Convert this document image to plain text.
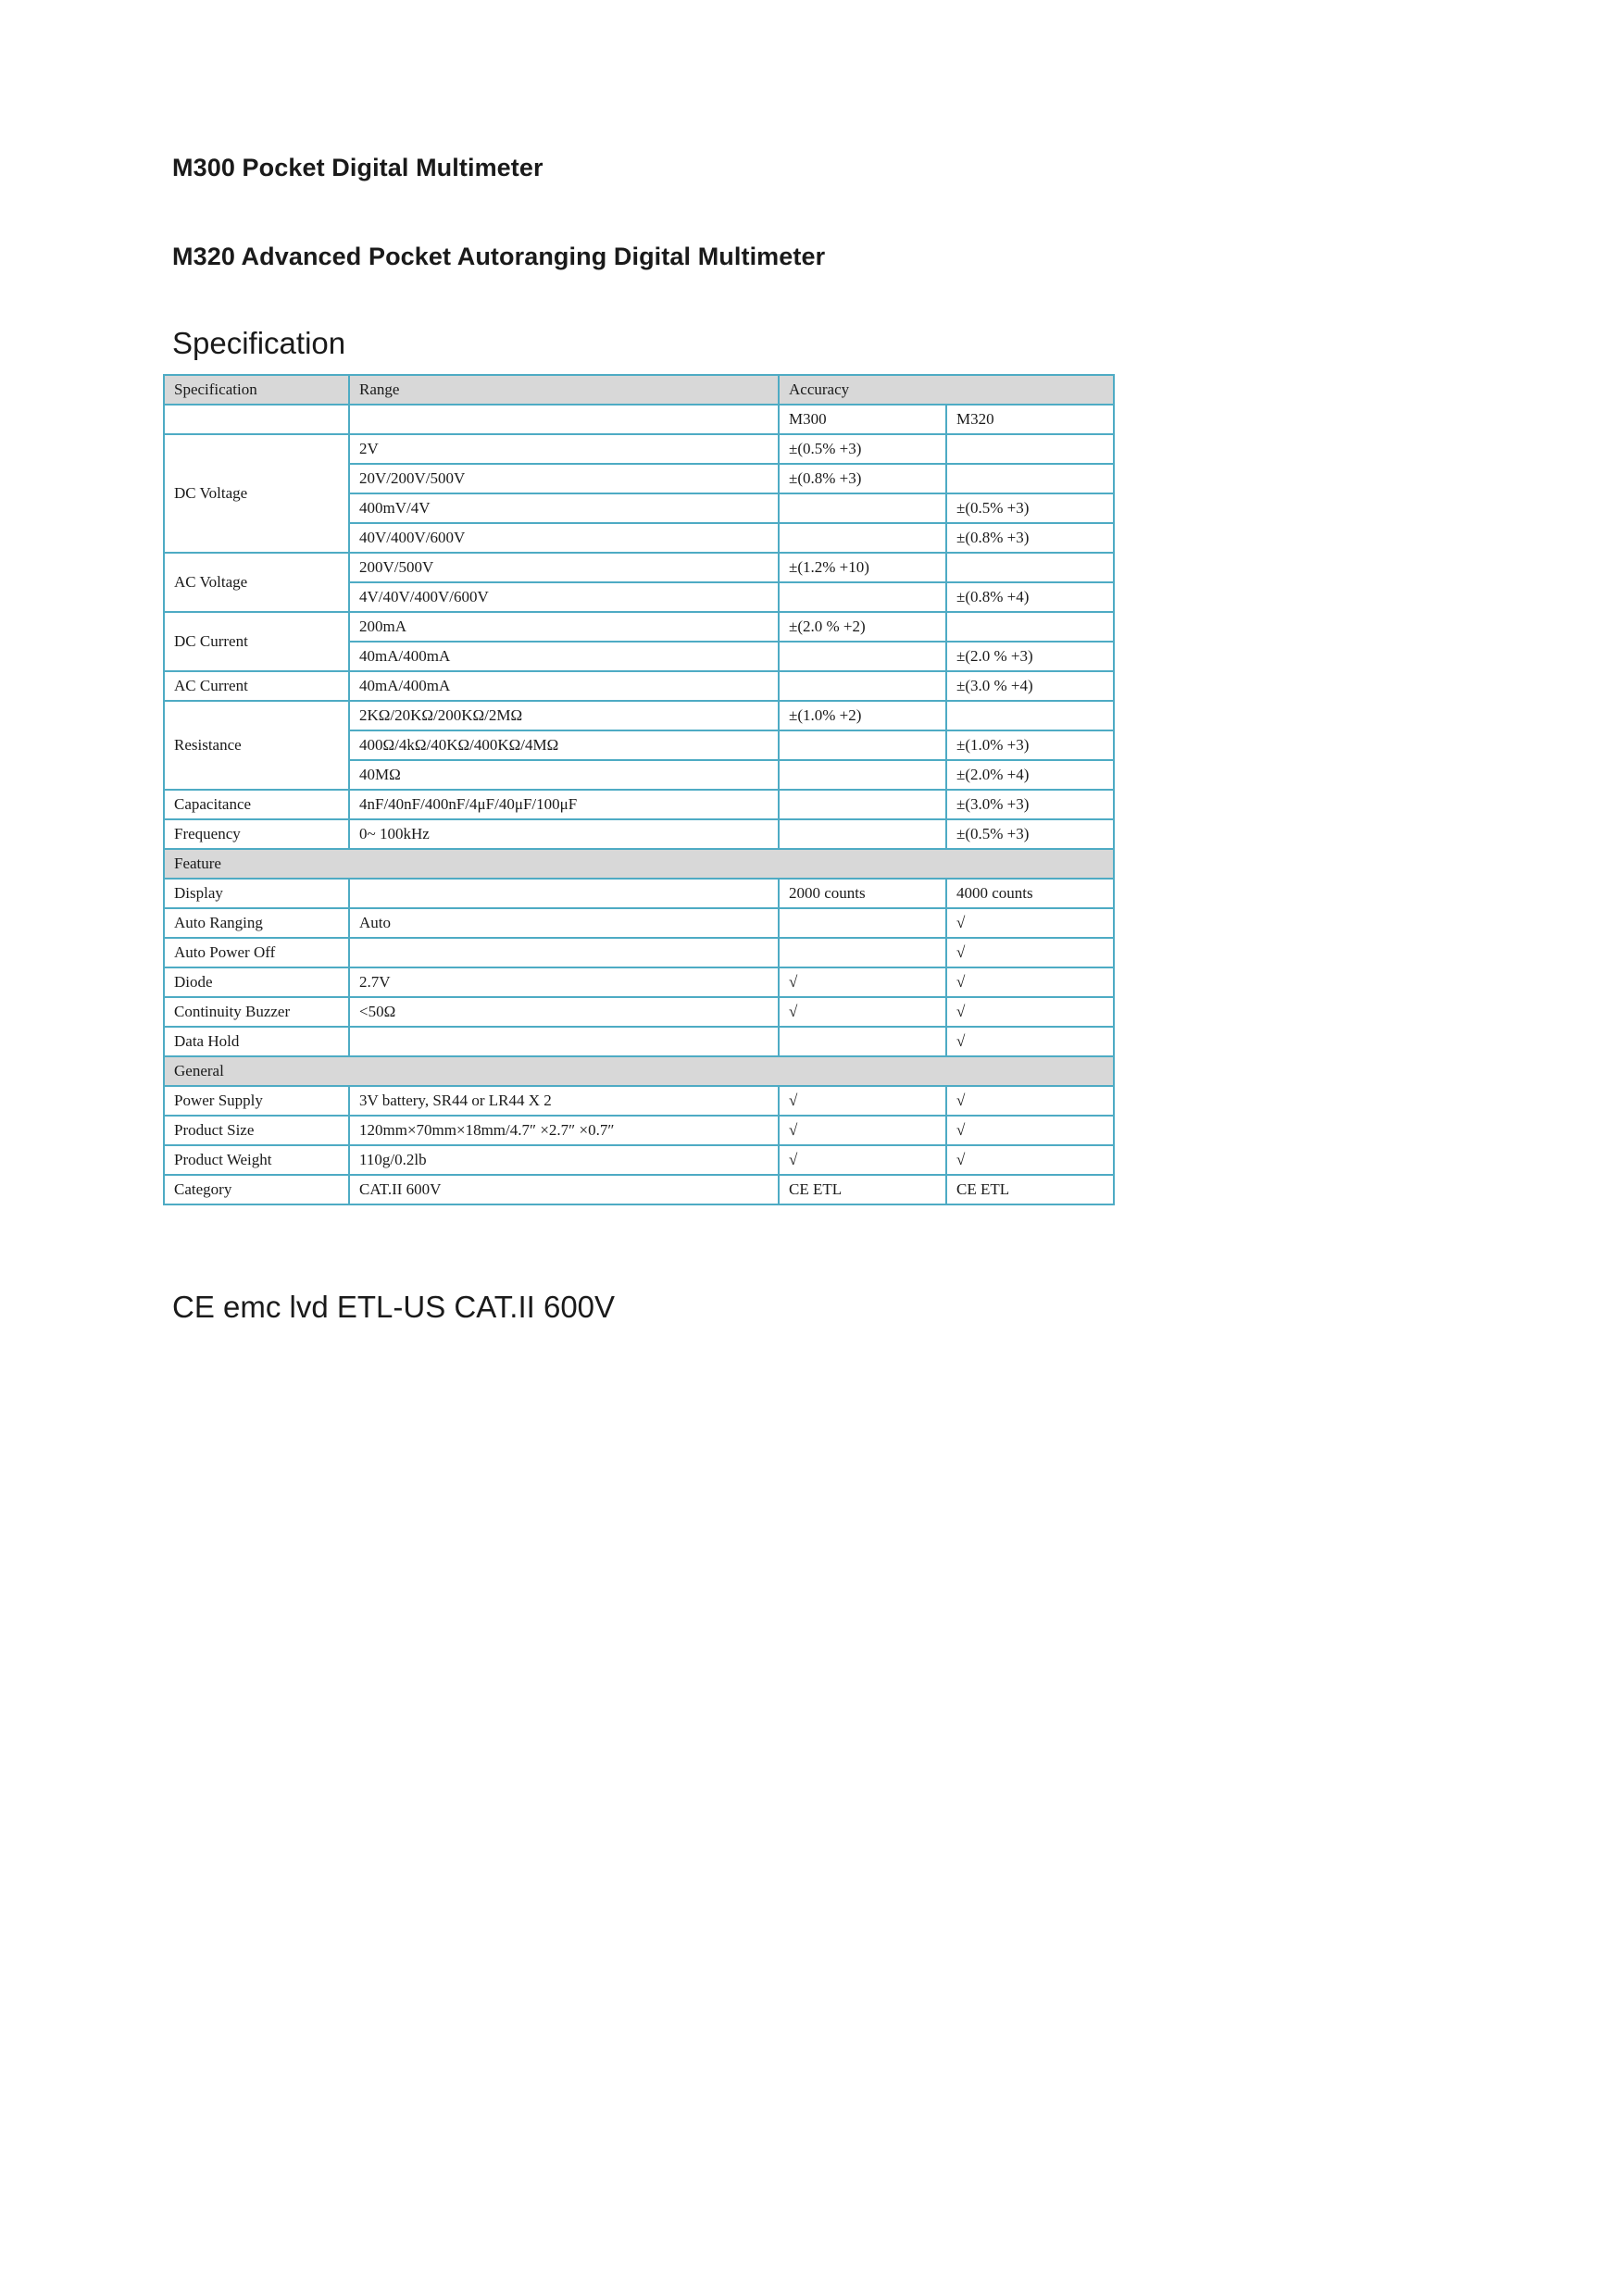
M300 Pocket Digital Multimeter
M320 Advanced Pocket Autoranging Digital Multimeter
Specification
Specification	Range	Accuracy	
		M300	M320
DC Voltage	2V	±(0.5% +3)	
	20V/200V/500V	±(0.8% +3)	
	400mV/4V		±(0.5% +3)
	40V/400V/600V		±(0.8% +3)
AC Voltage	200V/500V	±(1.2% +10)	
	4V/40V/400V/600V		±(0.8% +4)
DC Current	200mA	±(2.0 % +2)	
	40mA/400mA		±(2.0 % +3)
AC Current	40mA/400mA		±(3.0 % +4)
Resistance	2KΩ/20KΩ/200KΩ/2MΩ	±(1.0% +2)	
	400Ω/4kΩ/40KΩ/400KΩ/4MΩ		±(1.0% +3)
	40MΩ		±(2.0% +4)
Capacitance	4nF/40nF/400nF/4μF/40μF/100μF		±(3.0% +3)
Frequency	0~ 100kHz		±(0.5% +3)
Feature			
Display		2000 counts	4000 counts
Auto Ranging	Auto		√
Auto Power Off			√
Diode	2.7V	√	√
Continuity Buzzer	<50Ω	√	√
Data Hold			√
General			
Power Supply	3V battery, SR44 or LR44 X 2	√	√
Product Size	120mm×70mm×18mm/4.7″ ×2.7″ ×0.7″	√	√
Product Weight	110g/0.2lb	√	√
Category	CAT.II 600V	CE ETL	CE ETL

CE emc lvd ETL-US CAT.II 600V
